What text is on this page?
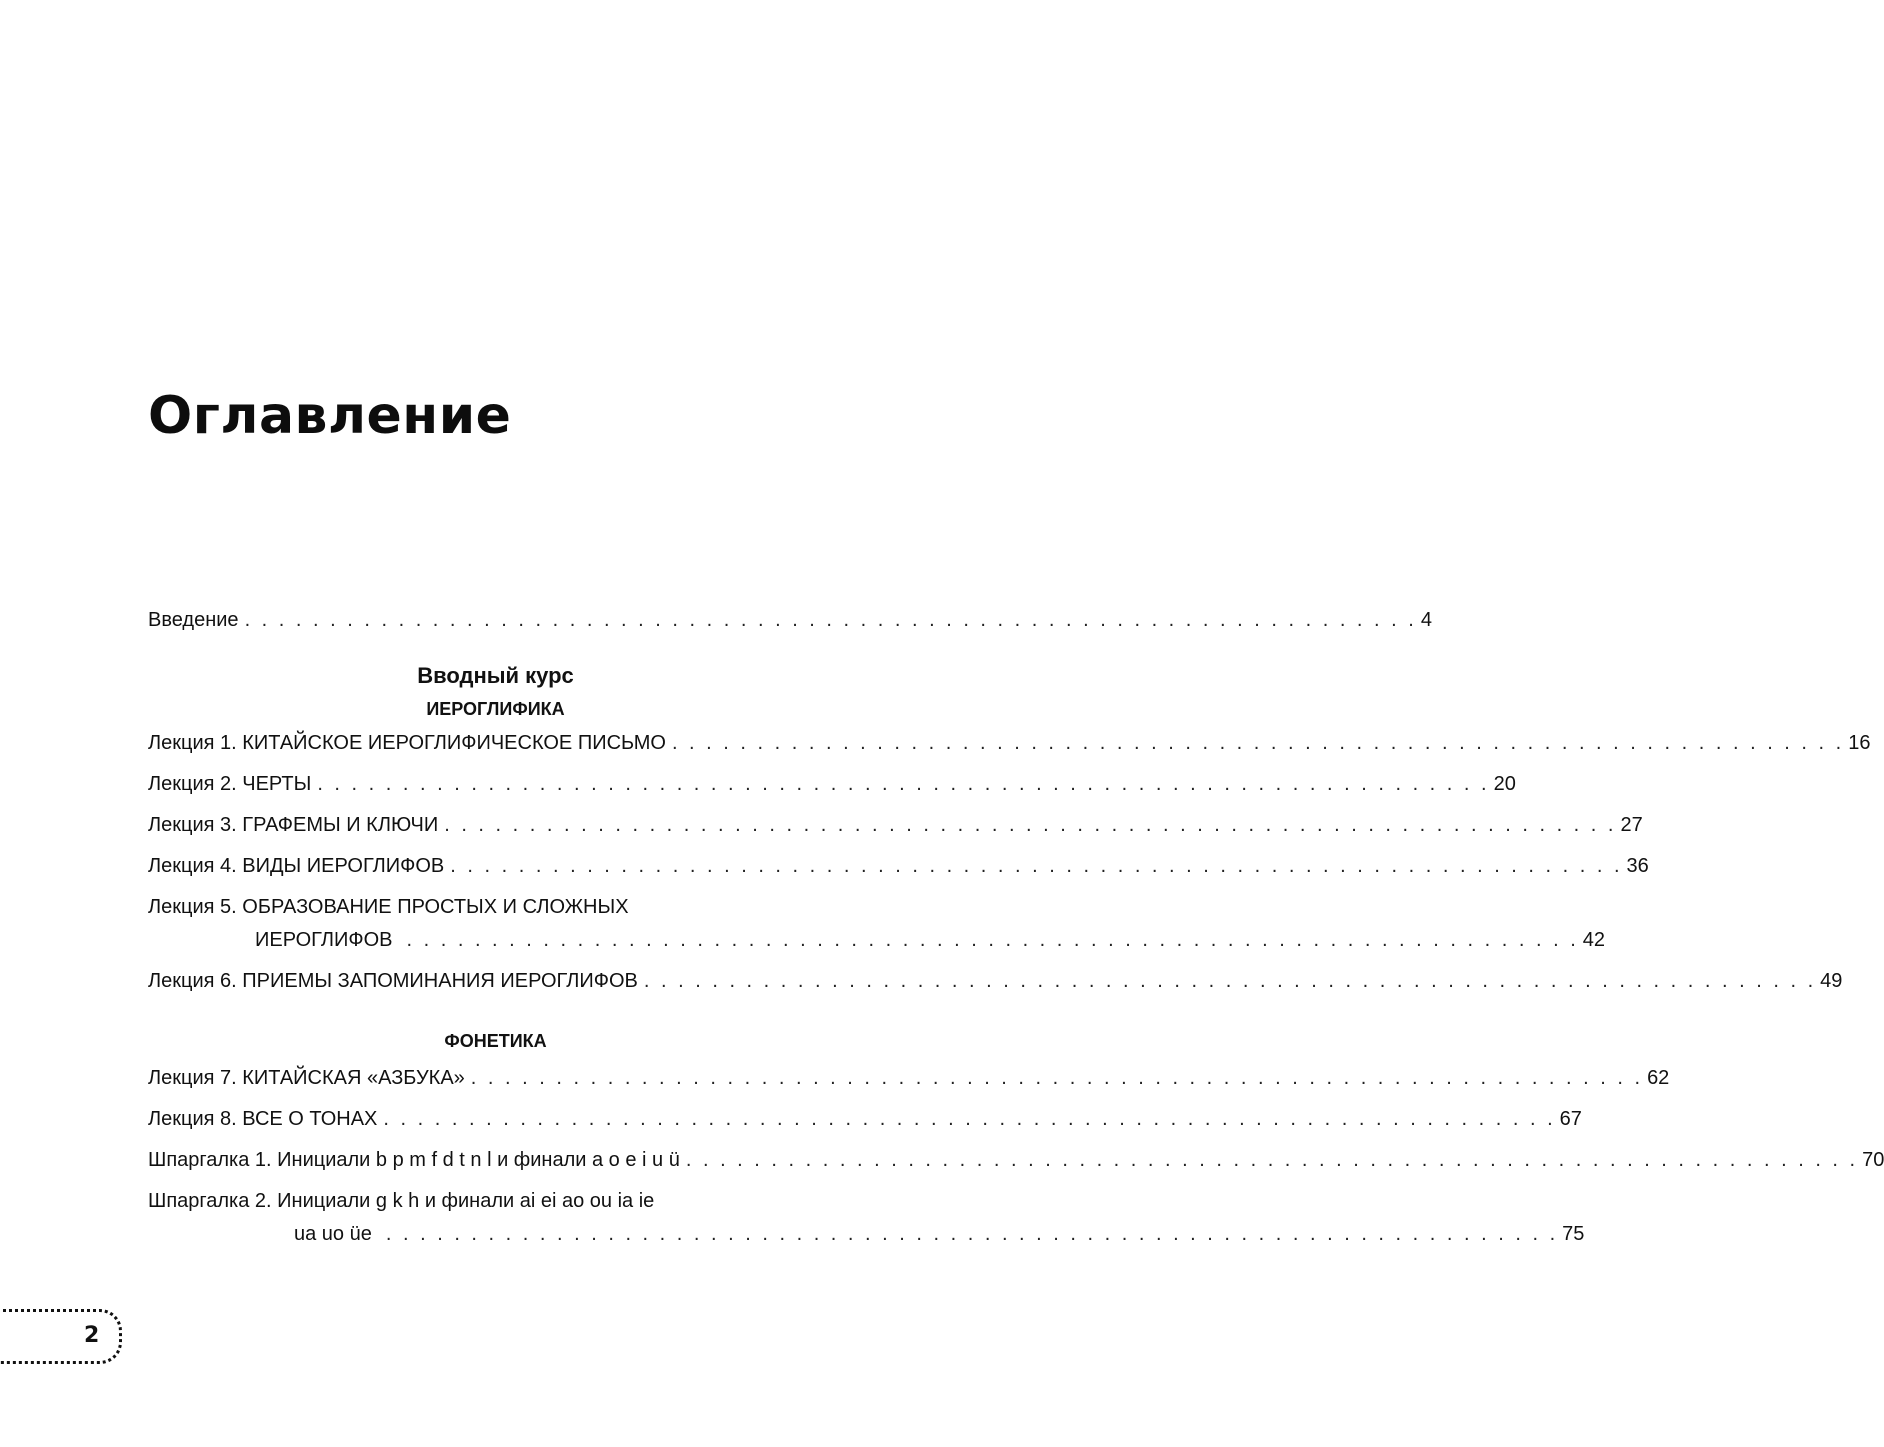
Оглавление
Введение . . . . . . . . . . . . . . . . . . . . . . . . . . . . . . . . . . . . . . . . . . . . . . . . . . . . . . . . . . . . . . . . . . . . . 4
Вводный курс
ИЕРОГЛИФИКА
Лекция 1.
КИТАЙСКОЕ ИЕРОГЛИФИЧЕСКОЕ ПИСЬМО . . . . . . . . . . . . . . . . . . . . . . . . . . . . . . . . . . . . . . . . . . . . . . . . . . . . . . . . . . . . . . . . . . . . . 16
Лекция 2.
ЧЕРТЫ . . . . . . . . . . . . . . . . . . . . . . . . . . . . . . . . . . . . . . . . . . . . . . . . . . . . . . . . . . . . . . . . . . . . . 20
Лекция 3.
ГРАФЕМЫ И КЛЮЧИ . . . . . . . . . . . . . . . . . . . . . . . . . . . . . . . . . . . . . . . . . . . . . . . . . . . . . . . . . . . . . . . . . . . . . 27
Лекция 4.
ВИДЫ ИЕРОГЛИФОВ . . . . . . . . . . . . . . . . . . . . . . . . . . . . . . . . . . . . . . . . . . . . . . . . . . . . . . . . . . . . . . . . . . . . . 36
Лекция 5. ОБРАЗОВАНИЕ ПРОСТЫХ И СЛОЖНЫХ
ИЕРОГЛИФОВ . . . . . . . . . . . . . . . . . . . . . . . . . . . . . . . . . . . . . . . . . . . . . . . . . . . . . . . . . . . . . . . . . . . . . 42
Лекция 6.
ПРИЕМЫ ЗАПОМИНАНИЯ ИЕРОГЛИФОВ . . . . . . . . . . . . . . . . . . . . . . . . . . . . . . . . . . . . . . . . . . . . . . . . . . . . . . . . . . . . . . . . . . . . . 49
ФОНЕТИКА
Лекция 7.
КИТАЙСКАЯ «АЗБУКА» . . . . . . . . . . . . . . . . . . . . . . . . . . . . . . . . . . . . . . . . . . . . . . . . . . . . . . . . . . . . . . . . . . . . . 62
Лекция 8.
ВСЕ О ТОНАХ . . . . . . . . . . . . . . . . . . . . . . . . . . . . . . . . . . . . . . . . . . . . . . . . . . . . . . . . . . . . . . . . . . . . . 67
Шпаргалка 1.
Инициали b p m f d t n l и финали a o e i u ü . . . . . . . . . . . . . . . . . . . . . . . . . . . . . . . . . . . . . . . . . . . . . . . . . . . . . . . . . . . . . . . . . . . . . 70
Шпаргалка 2. Инициали g k h и финали ai ei ao ou ia ie
ua uo üe . . . . . . . . . . . . . . . . . . . . . . . . . . . . . . . . . . . . . . . . . . . . . . . . . . . . . . . . . . . . . . . . . . . . . 75
2
